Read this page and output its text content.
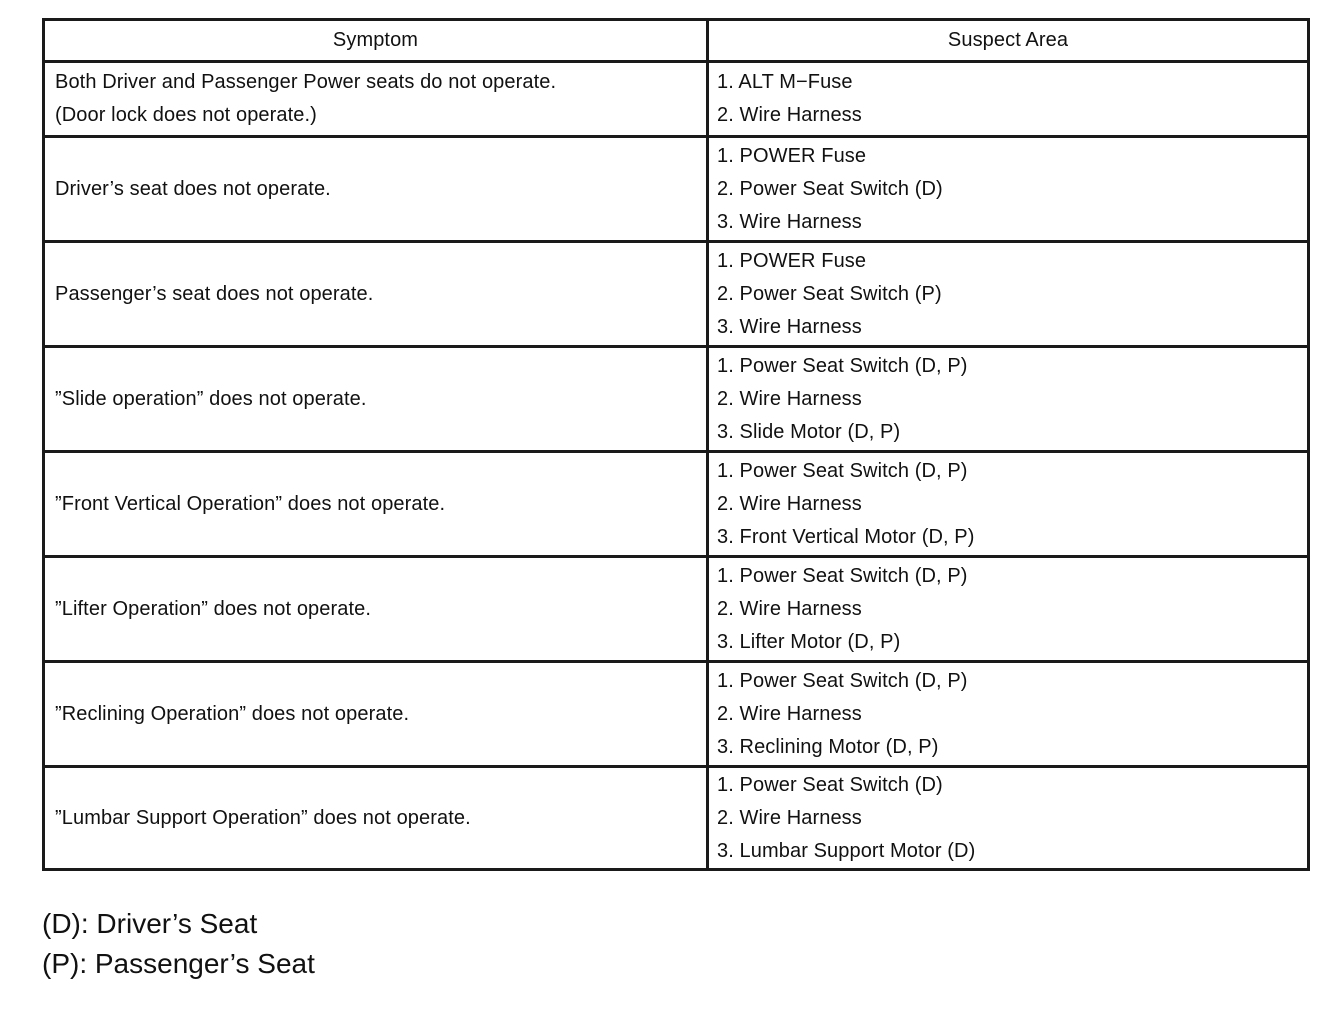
Symptom	Suspect Area

Both Driver and Passenger Power seats do not operate.
(Door lock does not operate.)	1. ALT M−Fuse
2. Wire Harness

Driver’s seat does not operate.	1. POWER Fuse
2. Power Seat Switch (D)
3. Wire Harness

Passenger’s seat does not operate.	1. POWER Fuse
2. Power Seat Switch (P)
3. Wire Harness

”Slide operation” does not operate.	1. Power Seat Switch (D, P)
2. Wire Harness
3. Slide Motor (D, P)

”Front Vertical Operation” does not operate.	1. Power Seat Switch (D, P)
2. Wire Harness
3. Front Vertical Motor (D, P)

”Lifter Operation” does not operate.	1. Power Seat Switch (D, P)
2. Wire Harness
3. Lifter Motor (D, P)

”Reclining Operation” does not operate.	1. Power Seat Switch (D, P)
2. Wire Harness
3. Reclining Motor (D, P)

”Lumbar Support Operation” does not operate.	1. Power Seat Switch (D)
2. Wire Harness
3. Lumbar Support Motor (D)
(D): Driver’s Seat
(P): Passenger’s Seat
